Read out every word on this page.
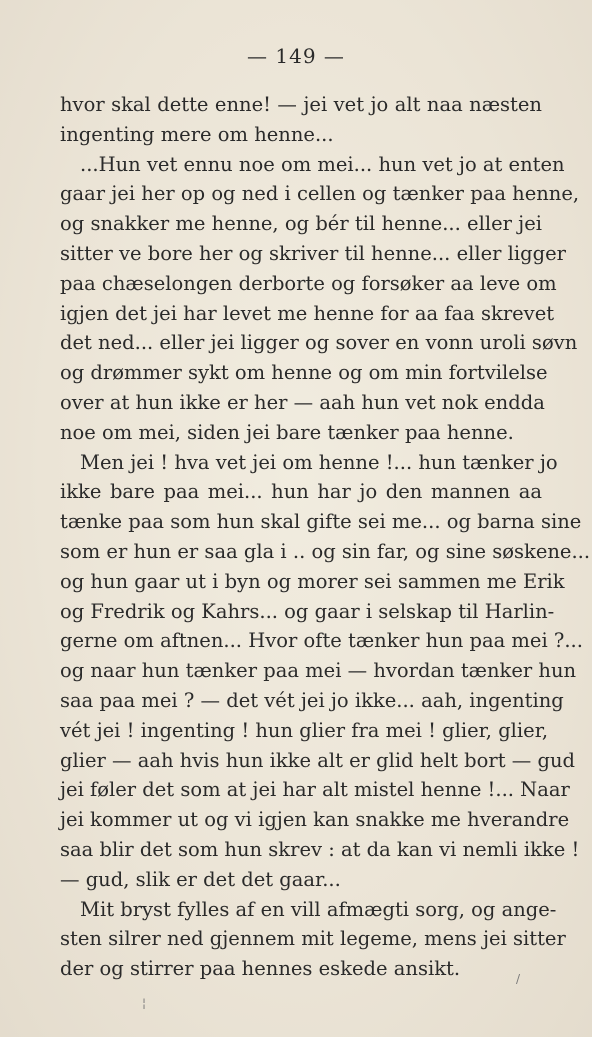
— 149 —
hvor skal dette enne! — jei vet jo alt naa næsten
ingenting mere om henne...
...Hun vet ennu noe om mei... hun vet jo at enten
gaar jei her op og ned i cellen og tænker paa henne,
og snakker me henne, og bér til henne... eller jei
sitter ve bore her og skriver til henne... eller ligger
paa chæselongen derborte og forsøker aa leve om
igjen det jei har levet me henne for aa faa skrevet
det ned... eller jei ligger og sover en vonn uroli søvn
og drømmer sykt om henne og om min fortvilelse
over at hun ikke er her — aah hun vet nok endda
noe om mei, siden jei bare tænker paa henne.
Men jei ! hva vet jei om henne !... hun tænker jo
ikke bare paa mei... hun har jo den mannen aa
tænke paa som hun skal gifte sei me... og barna sine
som er hun er saa gla i .. og sin far, og sine søskene...
og hun gaar ut i byn og morer sei sammen me Erik
og Fredrik og Kahrs... og gaar i selskap til Harlin-
gerne om aftnen... Hvor ofte tænker hun paa mei ?...
og naar hun tænker paa mei — hvordan tænker hun
saa paa mei ? — det vét jei jo ikke... aah, ingenting
vét jei ! ingenting ! hun glier fra mei ! glier, glier,
glier — aah hvis hun ikke alt er glid helt bort — gud
jei føler det som at jei har alt mistel henne !... Naar
jei kommer ut og vi igjen kan snakke me hverandre
saa blir det som hun skrev : at da kan vi nemli ikke !
— gud, slik er det det gaar...
Mit bryst fylles af en vill afmægti sorg, og ange-
sten silrer ned gjennem mit legeme, mens jei sitter
der og stirrer paa hennes eskede ansikt.	/
¦
